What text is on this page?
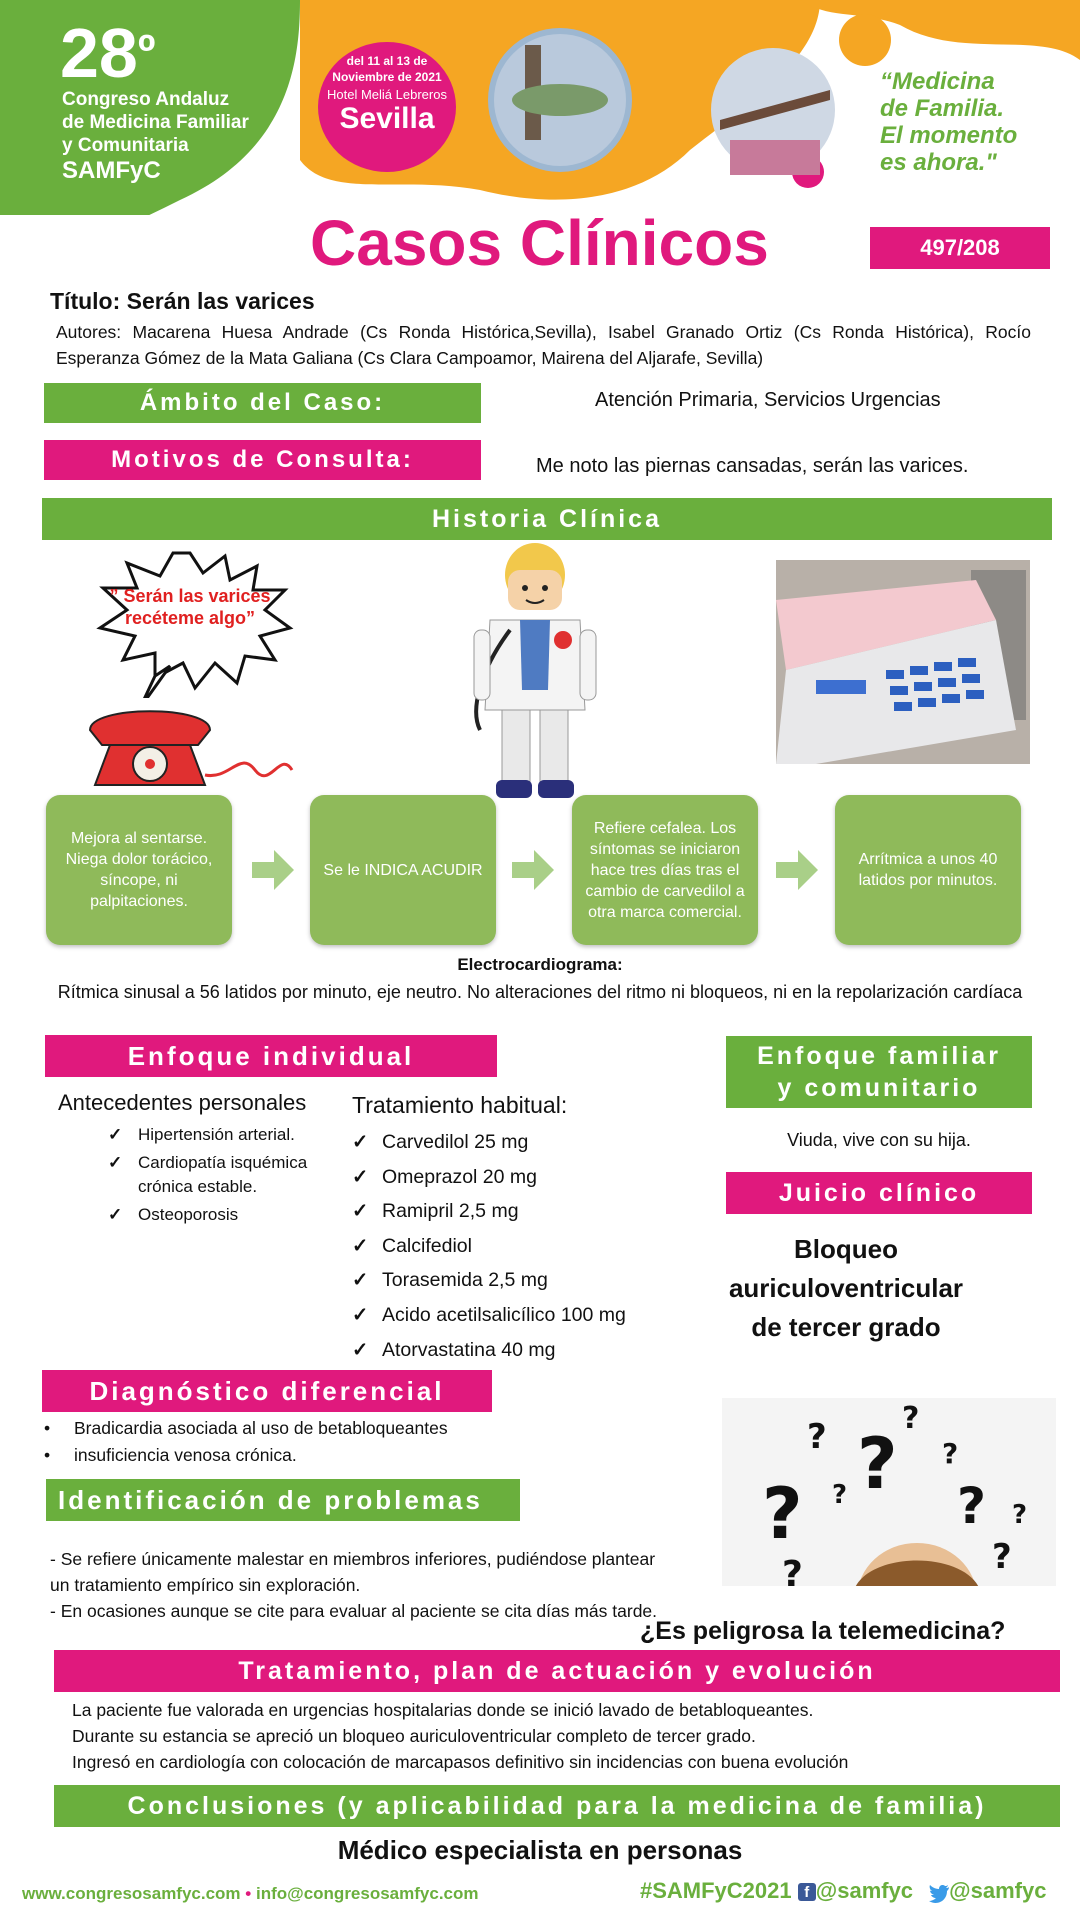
$28^º$
Congreso Andaluz
de Medicina Familiar
y Comunitaria
SAMFyC
del 11 al 13 de
Noviembre de 2021
Hotel Meliá Lebreros
Sevilla
“Medicina
de Familia.
El momento
es ahora."
Casos Clínicos	497/208
Título: Serán las varices
Autores: Macarena Huesa Andrade (Cs Ronda Histórica,Sevilla), Isabel Granado Ortiz (Cs Ronda Histórica), Rocío Esperanza Gómez de la Mata Galiana (Cs Clara Campoamor, Mairena del Aljarafe, Sevilla)
Ámbito del Caso:	Atención Primaria, Servicios Urgencias
Motivos de Consulta:	Me noto las piernas cansadas, serán las varices.
Historia Clínica
” Serán las varices
recéteme algo”
Mejora al sentarse. Niega dolor torácico, síncope, ni palpitaciones.
Se le INDICA ACUDIR
Refiere cefalea. Los síntomas se iniciaron hace tres días tras el cambio de carvedilol a otra marca comercial.
Arrítmica a unos 40 latidos por minutos.
Electrocardiograma:
Rítmica sinusal a 56 latidos por minuto, eje neutro. No alteraciones del ritmo ni bloqueos, ni en la repolarización cardíaca
Enfoque individual
Antecedentes personales
✓ Hipertensión arterial.
✓ Cardiopatía isquémica crónica estable.
✓ Osteoporosis
Tratamiento habitual:
✓ Carvedilol 25 mg
✓ Omeprazol 20 mg
✓ Ramipril 2,5 mg
✓ Calcifediol
✓ Torasemida 2,5 mg
✓ Acido acetilsalicílico 100 mg
✓ Atorvastatina 40 mg
Enfoque familiar
y comunitario
Viuda, vive con su hija.
Juicio clínico
Bloqueo
auriculoventricular
de tercer grado
Diagnóstico diferencial
• Bradicardia asociada al uso de betabloqueantes
• insuficiencia venosa crónica.
?
?
?
?	?
?
?
?
?
?
Identificación de problemas
- Se refiere únicamente malestar en miembros inferiores, pudiéndose plantear
un tratamiento empírico sin exploración.
- En ocasiones aunque se cite para evaluar al paciente se cita días más tarde.
¿Es peligrosa la telemedicina?
Tratamiento, plan de actuación y evolución
La paciente fue valorada en urgencias hospitalarias donde se inició lavado de betabloqueantes.
Durante su estancia se apreció un bloqueo auriculoventricular completo de tercer grado.
Ingresó en cardiología con colocación de marcapasos definitivo sin incidencias con buena evolución
Conclusiones (y aplicabilidad para la medicina de familia)
Médico especialista en personas
www.congresosamfyc.com • info@congresosamfyc.com	#SAMFyC2021 f @samfyc @samfyc
